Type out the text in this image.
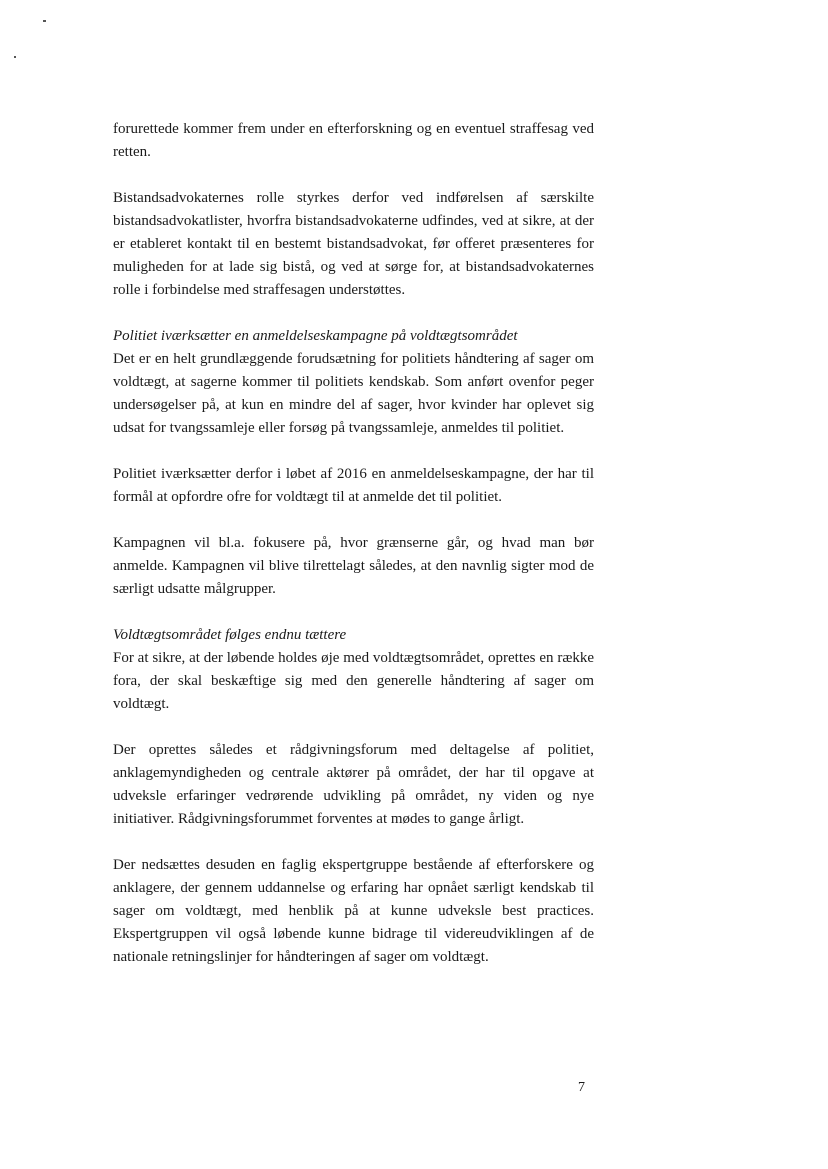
forurettede kommer frem under en efterforskning og en eventuel straffesag ved retten.

Bistandsadvokaternes rolle styrkes derfor ved indførelsen af særskilte bistandsadvokatlister, hvorfra bistandsadvokaterne udfindes, ved at sikre, at der er etableret kontakt til en bestemt bistandsadvokat, før offeret præsenteres for muligheden for at lade sig bistå, og ved at sørge for, at bistandsadvokaternes rolle i forbindelse med straffesagen understøttes.

Politiet iværksætter en anmeldelseskampagne på voldtægtsområdet

Det er en helt grundlæggende forudsætning for politiets håndtering af sager om voldtægt, at sagerne kommer til politiets kendskab. Som anført ovenfor peger undersøgelser på, at kun en mindre del af sager, hvor kvinder har oplevet sig udsat for tvangssamleje eller forsøg på tvangssamleje, anmeldes til politiet.

Politiet iværksætter derfor i løbet af 2016 en anmeldelseskampagne, der har til formål at opfordre ofre for voldtægt til at anmelde det til politiet.

Kampagnen vil bl.a. fokusere på, hvor grænserne går, og hvad man bør anmelde. Kampagnen vil blive tilrettelagt således, at den navnlig sigter mod de særligt udsatte målgrupper.

Voldtægtsområdet følges endnu tættere

For at sikre, at der løbende holdes øje med voldtægtsområdet, oprettes en række fora, der skal beskæftige sig med den generelle håndtering af sager om voldtægt.

Der oprettes således et rådgivningsforum med deltagelse af politiet, anklagemyndigheden og centrale aktører på området, der har til opgave at udveksle erfaringer vedrørende udvikling på området, ny viden og nye initiativer. Rådgivningsforummet forventes at mødes to gange årligt.

Der nedsættes desuden en faglig ekspertgruppe bestående af efterforskere og anklagere, der gennem uddannelse og erfaring har opnået særligt kendskab til sager om voldtægt, med henblik på at kunne udveksle best practices. Ekspertgruppen vil også løbende kunne bidrage til videreudviklingen af de nationale retningslinjer for håndteringen af sager om voldtægt.

7
